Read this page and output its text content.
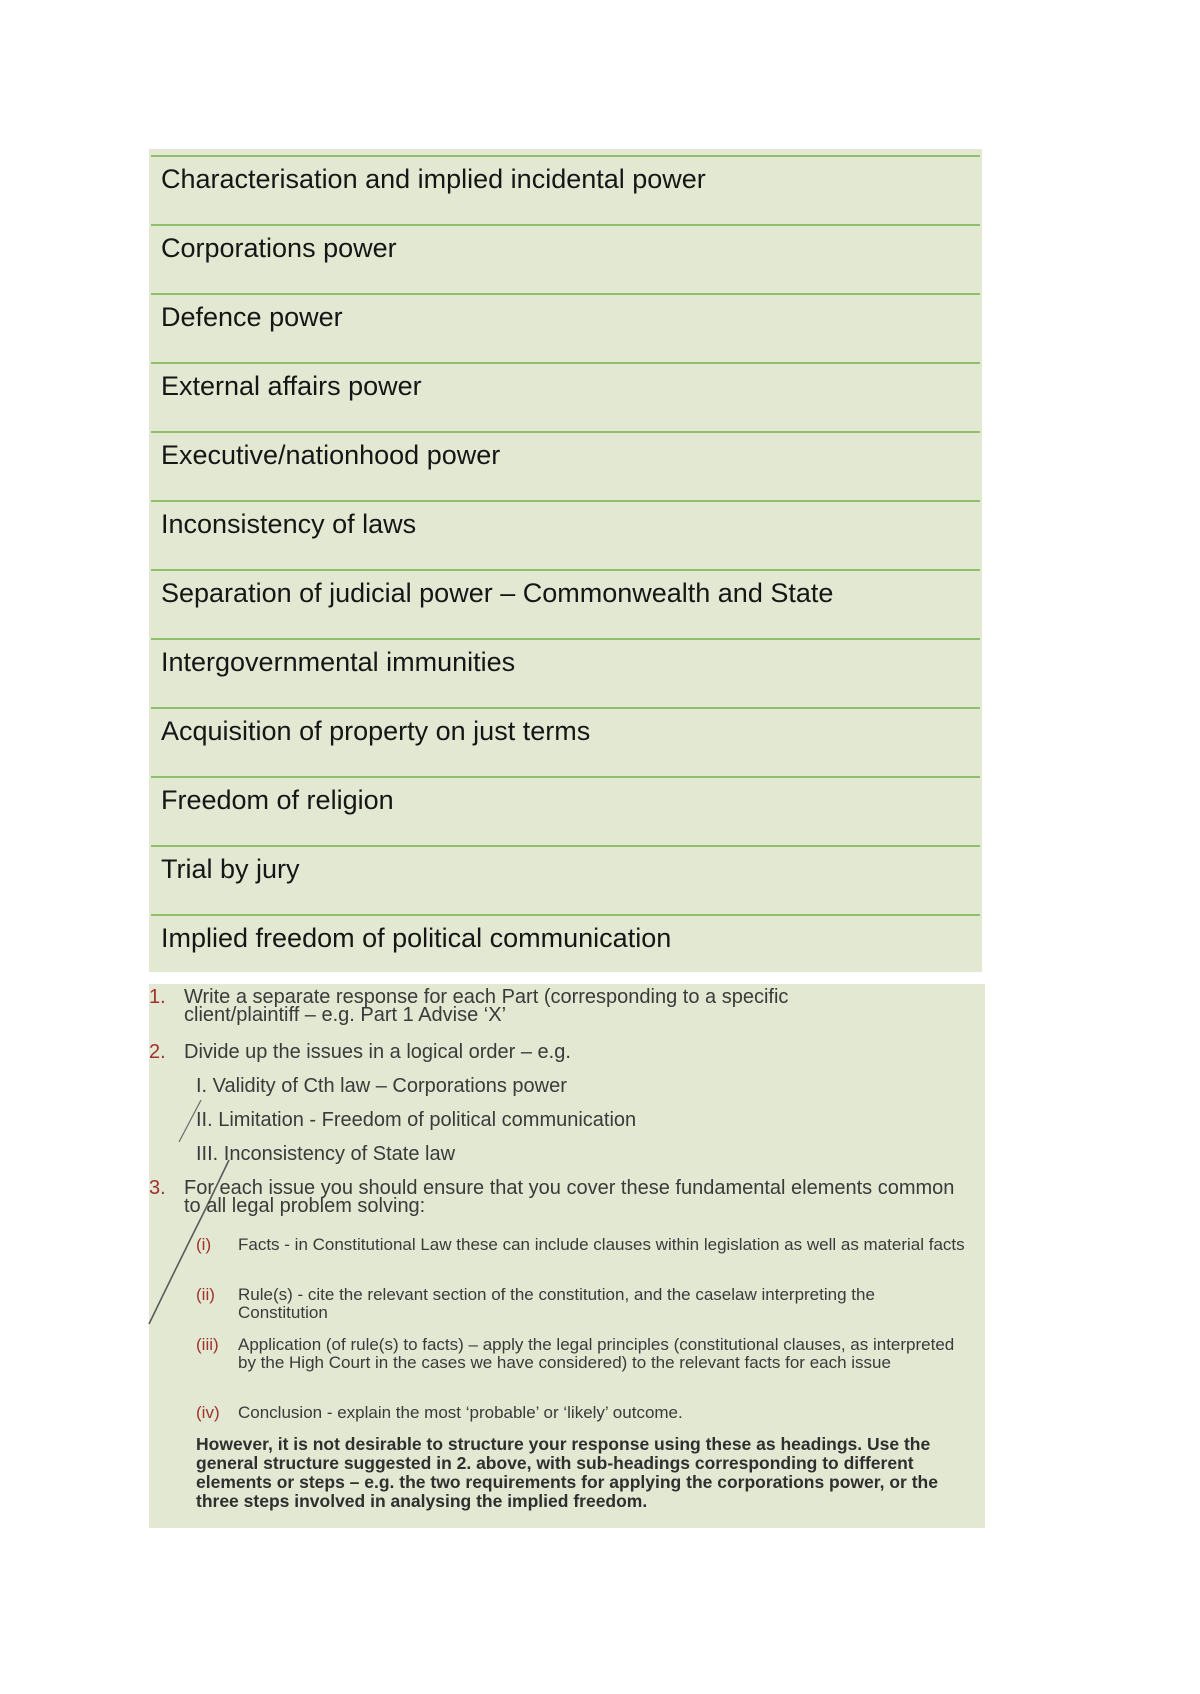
Characterisation and implied incidental power
Corporations power
Defence power
External affairs power
Executive/nationhood power
Inconsistency of laws
Separation of judicial power – Commonwealth and State
Intergovernmental immunities
Acquisition of property on just terms
Freedom of religion
Trial by jury
Implied freedom of political communication
1. Write a separate response for each Part (corresponding to a specific client/plaintiff – e.g. Part 1 Advise ‘X’
2. Divide up the issues in a logical order – e.g.
I. Validity of Cth law – Corporations power
II. Limitation - Freedom of political communication
III. Inconsistency of State law
3. For each issue you should ensure that you cover these fundamental elements common to all legal problem solving:
(i) Facts - in Constitutional Law these can include clauses within legislation as well as material facts
(ii) Rule(s) - cite the relevant section of the constitution, and the caselaw interpreting the Constitution
(iii) Application (of rule(s) to facts) – apply the legal principles (constitutional clauses, as interpreted by the High Court in the cases we have considered) to the relevant facts for each issue
(iv) Conclusion - explain the most ‘probable’ or ‘likely’ outcome.
However, it is not desirable to structure your response using these as headings. Use the general structure suggested in 2. above, with sub-headings corresponding to different elements or steps – e.g. the two requirements for applying the corporations power, or the three steps involved in analysing the implied freedom.
